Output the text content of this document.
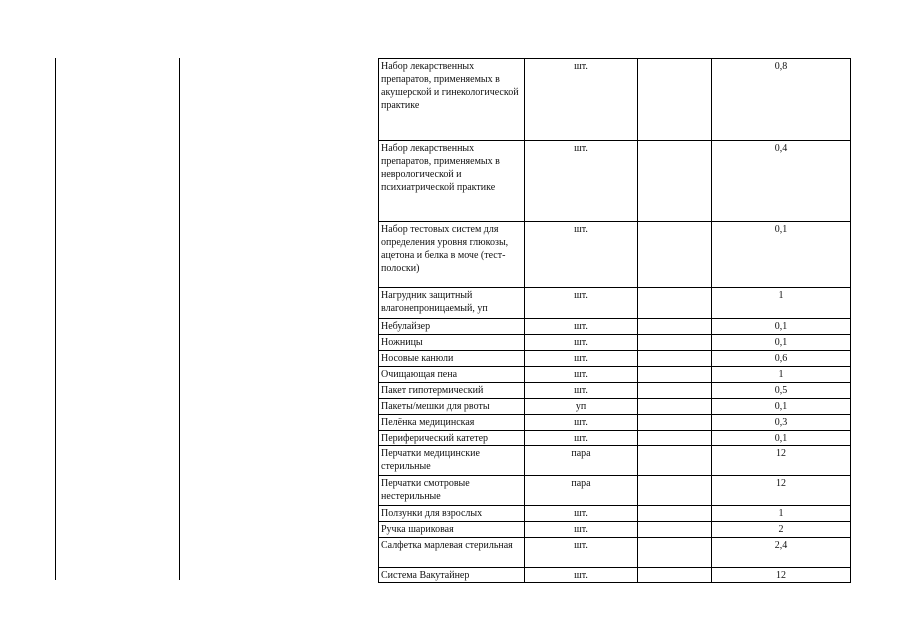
Набор лекарственных препаратов, применяемых в акушерской и гинекологической практике	шт.		0,8
Набор лекарственных препаратов, применяемых в неврологической и психиатрической практике	шт.		0,4
Набор тестовых систем для определения уровня глюкозы, ацетона и белка в моче (тест-полоски)	шт.		0,1
Нагрудник защитный влагонепроницаемый, уп	шт.		1
Небулайзер	шт.		0,1
Ножницы	шт.		0,1
Носовые канюли	шт.		0,6
Очищающая пена	шт.		1
Пакет гипотермический	шт.		0,5
Пакеты/мешки для рвоты	уп		0,1
Пелёнка медицинская	шт.		0,3
Периферический катетер	шт.		0,1
Перчатки медицинские стерильные	пара		12
Перчатки смотровые нестерильные	пара		12
Ползунки для взрослых	шт.		1
Ручка шариковая	шт.		2
Салфетка марлевая стерильная	шт.		2,4
Система Вакутайнер	шт.		12
